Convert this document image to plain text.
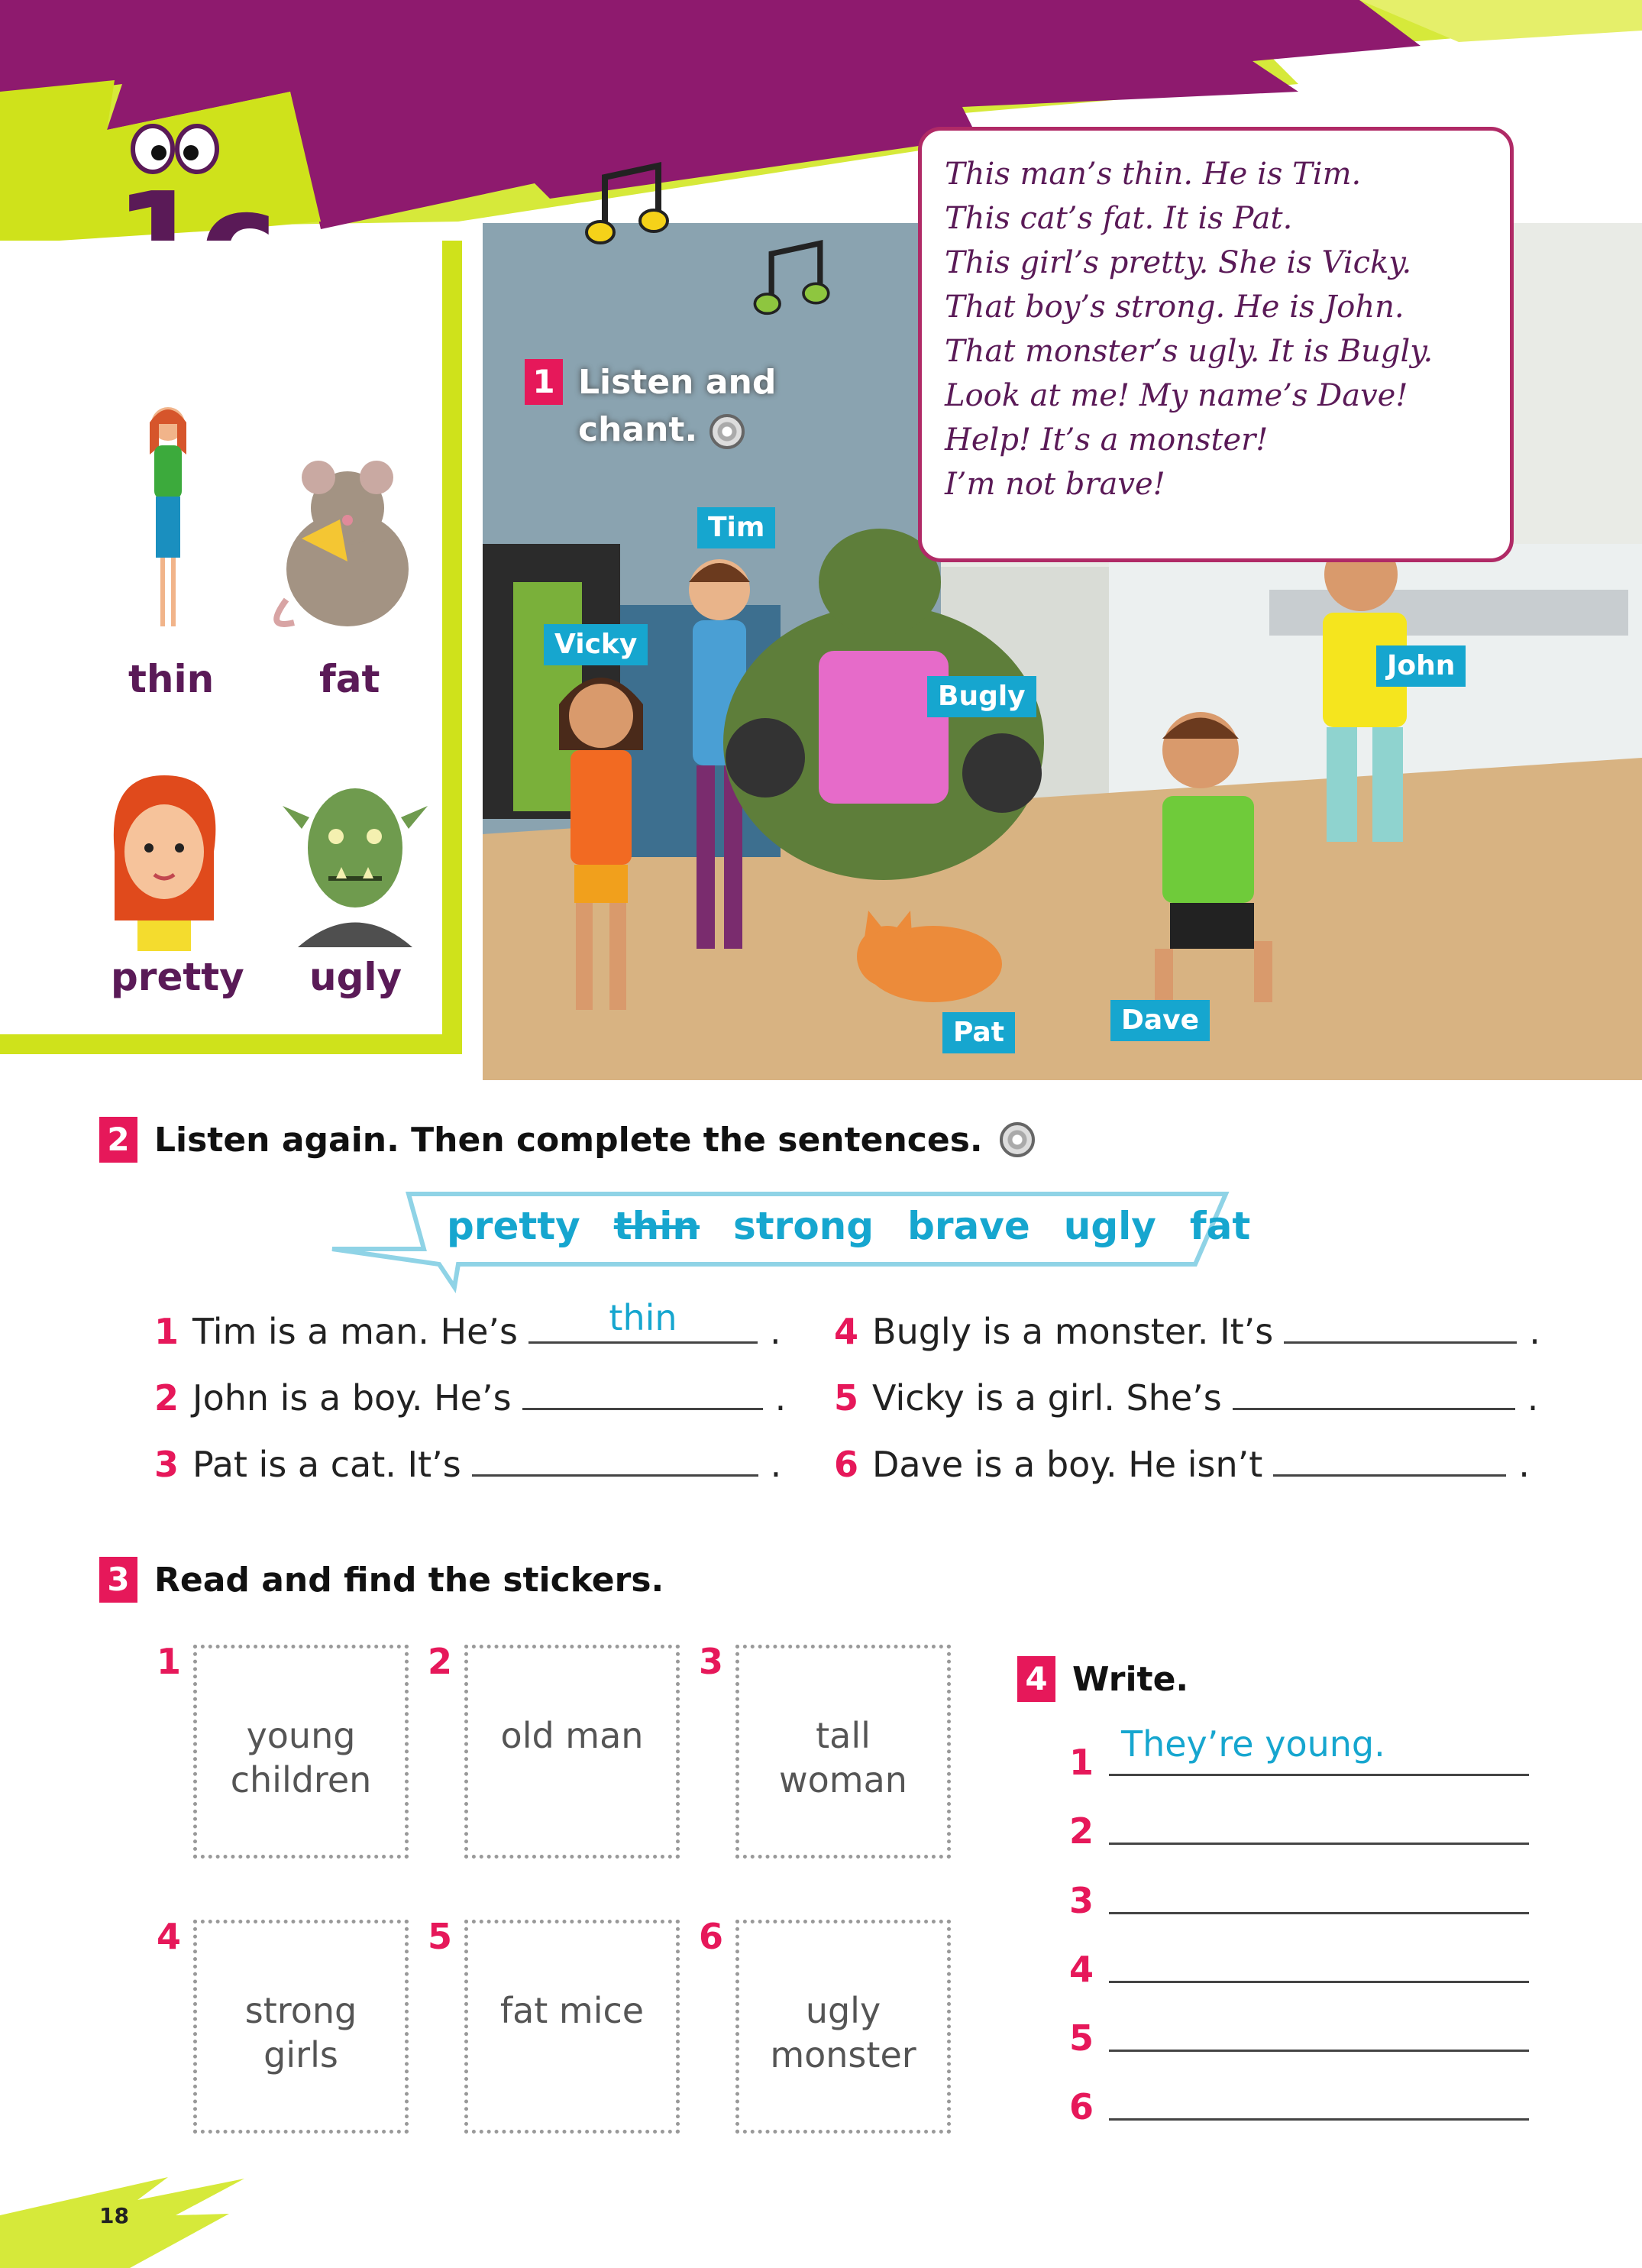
thin	fat
pretty ugly
1 Listen and
chant.
This man’s thin. He is Tim.
This cat’s fat. It is Pat.
This girl’s pretty. She is Vicky.
That boy’s strong. He is John.
That monster’s ugly. It is Bugly.
Look at me! My name’s Dave!
Help! It’s a monster!
I’m not brave!
Tim
Vicky
Bugly
John
Pat	Dave
2 Listen again. Then complete the sentences.
pretty thin strong brave ugly fat
1 Tim is a man. He’s	thin	.
2 John is a boy. He’s	.
3 Pat is a cat. It’s	.
4 Bugly is a monster. It’s	.
5 Vicky is a girl. She’s	.
6 Dave is a boy. He isn’t	.
3 Read and find the stickers.
1
young
children
2
old man
3
tall
woman
4
strong
girls
5
fat mice
6
ugly
monster
4 Write.
1 They’re young.
2
3
4
5
6
18
